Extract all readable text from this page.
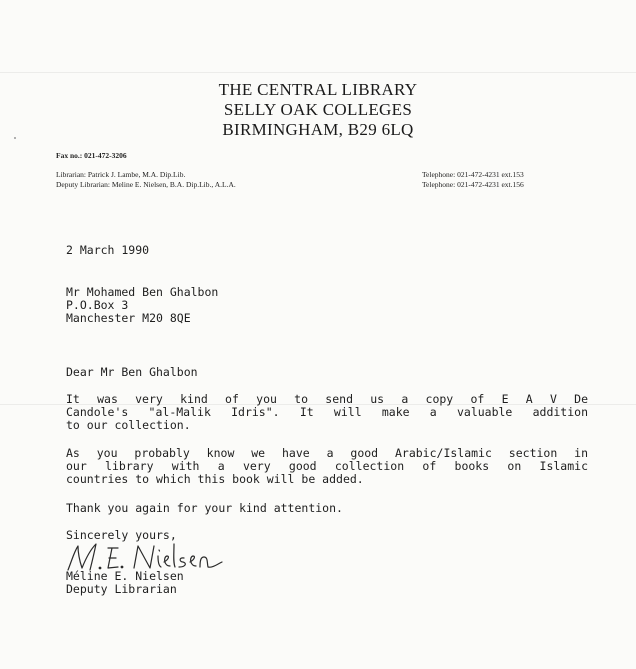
THE CENTRAL LIBRARY
SELLY OAK COLLEGES
BIRMINGHAM, B29 6LQ
Fax no.: 021-472-3206
Librarian: Patrick J. Lambe, M.A. Dip.Lib.
Deputy Librarian: Meline E. Nielsen, B.A. Dip.Lib., A.L.A.
Telephone: 021-472-4231 ext.153
Telephone: 021-472-4231 ext.156
2 March 1990
Mr Mohamed Ben Ghalbon
P.O.Box 3
Manchester M20 8QE
Dear Mr Ben Ghalbon
It was very kind of you to send us a copy of E A V De
Candole's "al-Malik Idris". It will make a valuable addition
to our collection.
As you probably know we have a good Arabic/Islamic section in
our library with a very good collection of books on Islamic
countries to which this book will be added.
Thank you again for your kind attention.
Sincerely yours,
Méline E. Nielsen
Deputy Librarian
